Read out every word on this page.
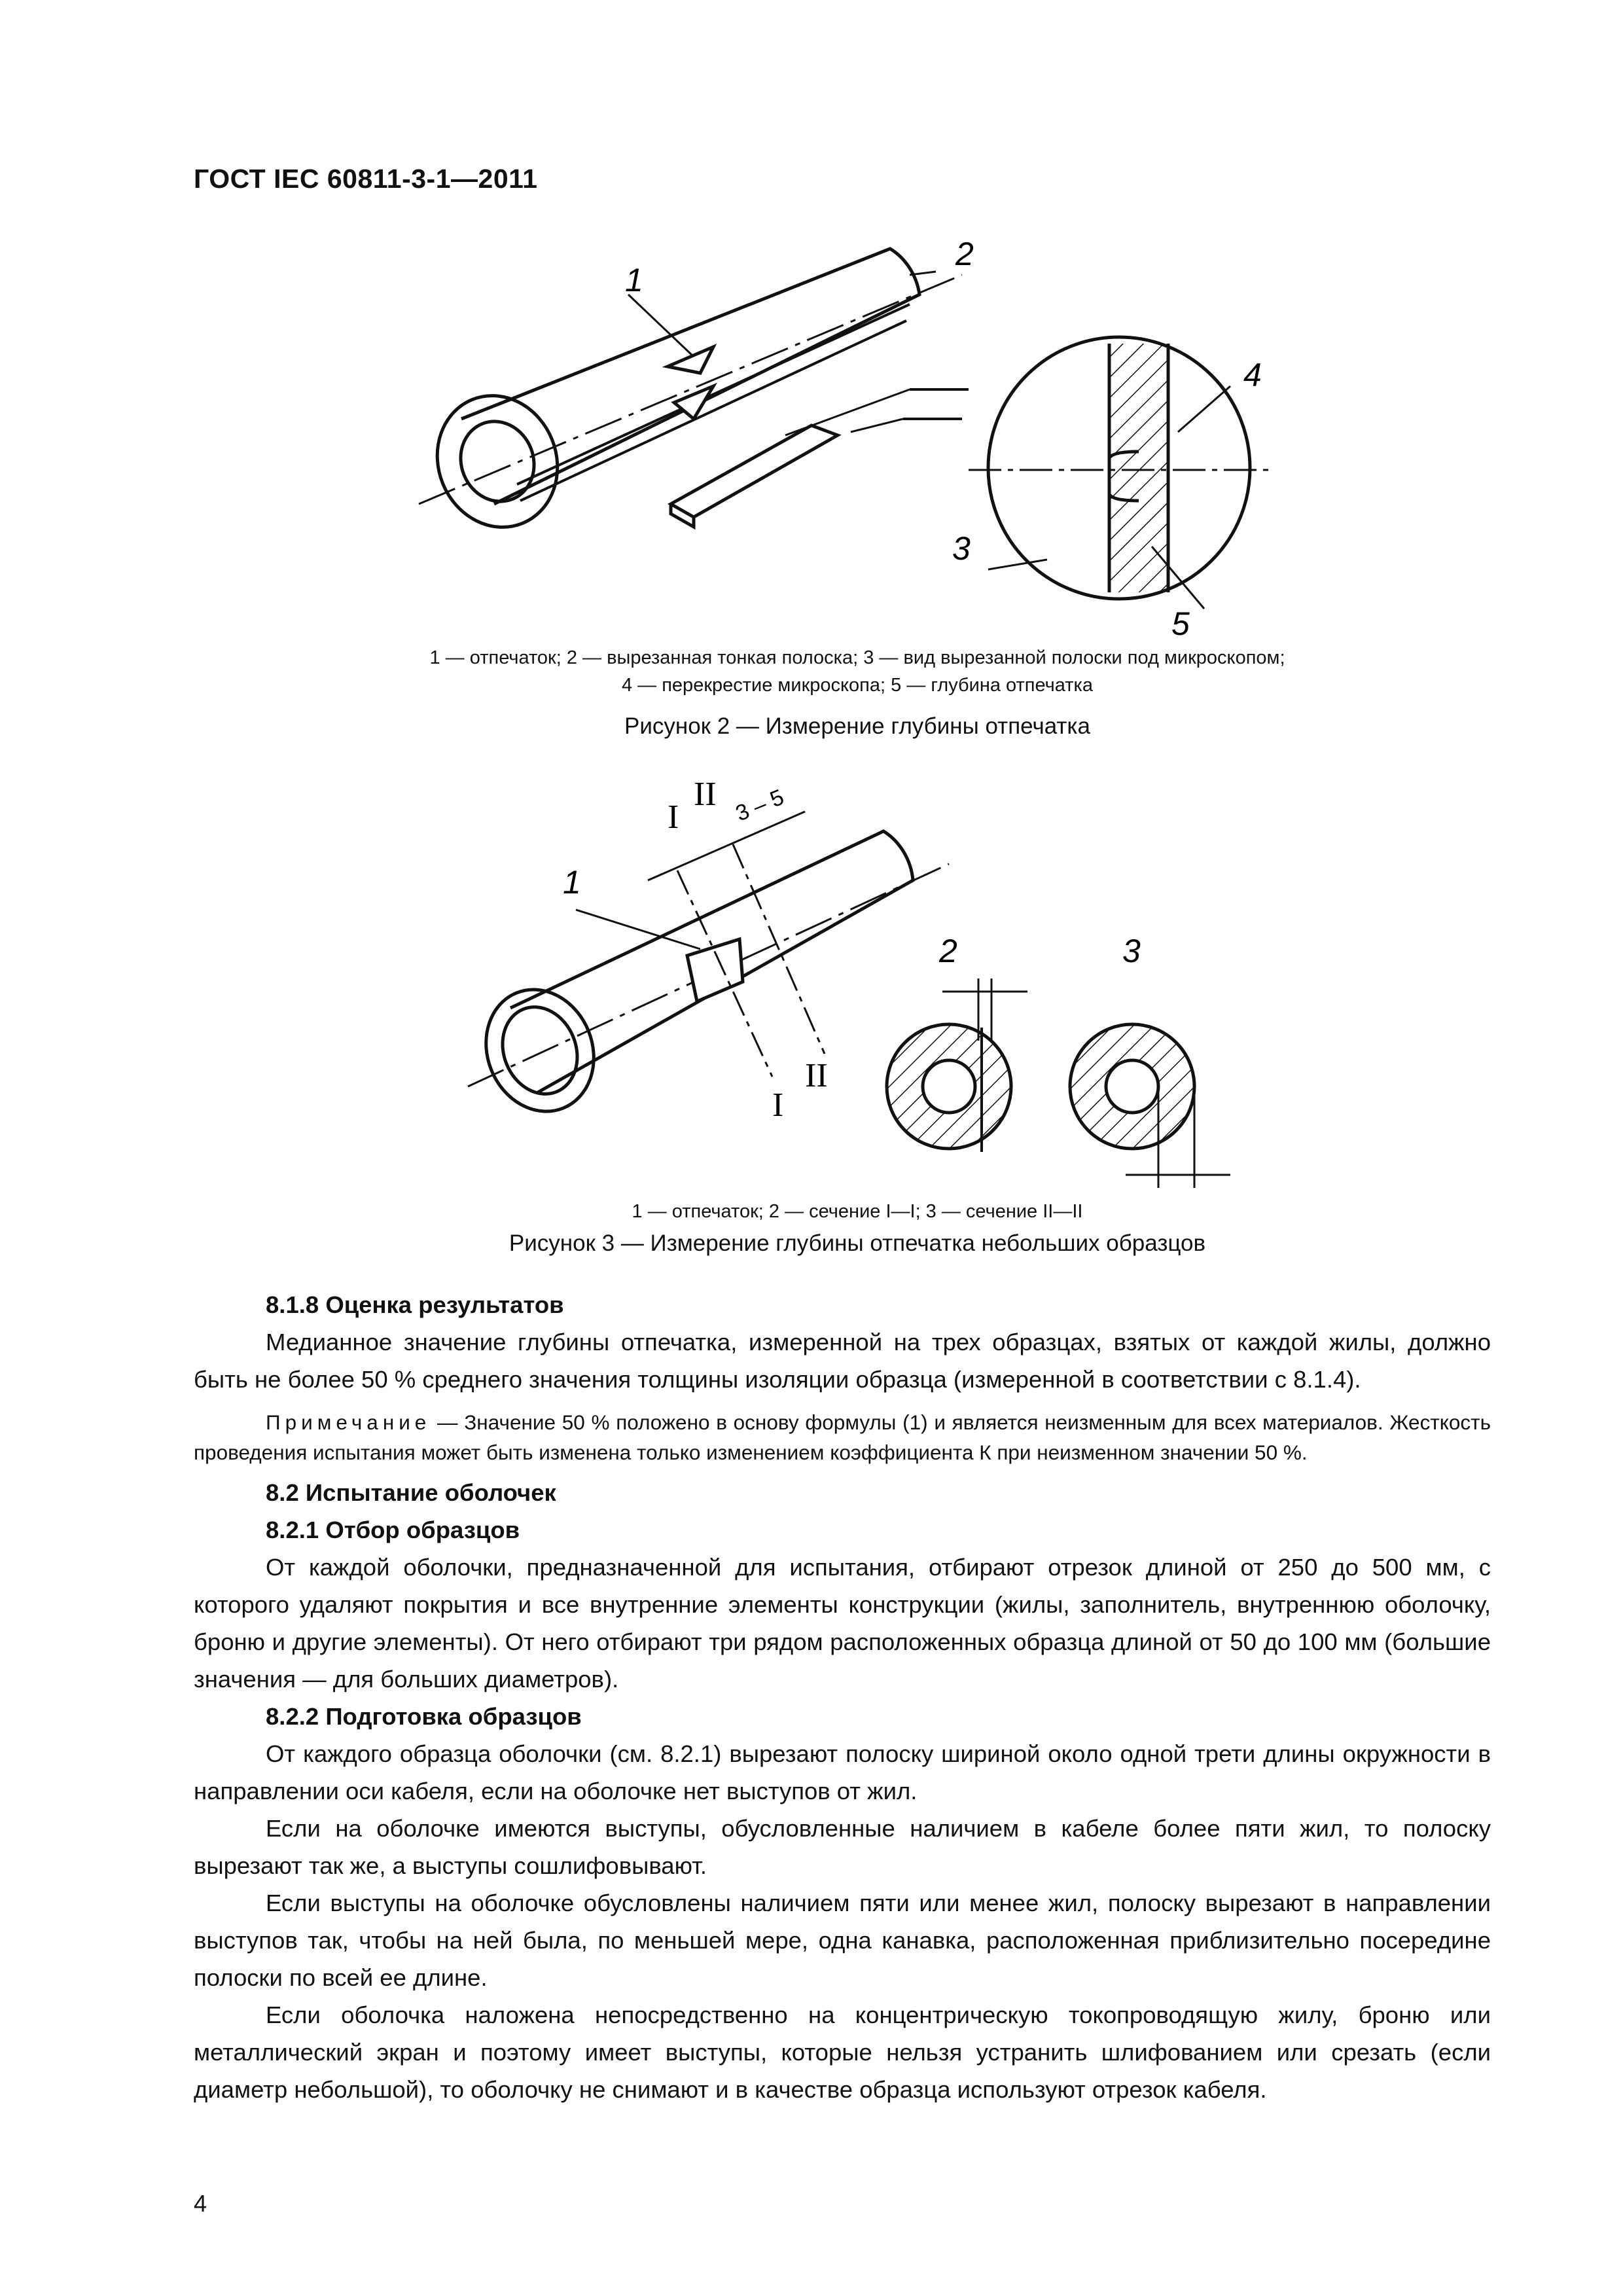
ГОСТ IEC 60811-3-1—2011
1
2
3
4
5
1 — отпечаток; 2 — вырезанная тонкая полоска; 3 — вид вырезанной полоски под микроскопом;
4 — перекрестие микроскопа; 5 — глубина отпечатка
Рисунок 2 — Измерение глубины отпечатка
I
II 3 – 5
1
I
II
2	3
1 — отпечаток; 2 — сечение I—I; 3 — сечение II—II
Рисунок 3 — Измерение глубины отпечатка небольших образцов

8.1.8 Оценка результатов

Медианное значение глубины отпечатка, измеренной на трех образцах, взятых от каждой жилы, должно быть не более 50 % среднего значения толщины изоляции образца (измеренной в соответствии с 8.1.4).

Примечание — Значение 50 % положено в основу формулы (1) и является неизменным для всех материалов. Жесткость проведения испытания может быть изменена только изменением коэффициента К при неизменном значении 50 %.

8.2 Испытание оболочек

8.2.1 Отбор образцов

От каждой оболочки, предназначенной для испытания, отбирают отрезок длиной от 250 до 500 мм, с которого удаляют покрытия и все внутренние элементы конструкции (жилы, заполнитель, внутреннюю оболочку, броню и другие элементы). От него отбирают три рядом расположенных образца длиной от 50 до 100 мм (большие значения — для больших диаметров).

8.2.2 Подготовка образцов

От каждого образца оболочки (см. 8.2.1) вырезают полоску шириной около одной трети длины окружности в направлении оси кабеля, если на оболочке нет выступов от жил.

Если на оболочке имеются выступы, обусловленные наличием в кабеле более пяти жил, то полоску вырезают так же, а выступы сошлифовывают.

Если выступы на оболочке обусловлены наличием пяти или менее жил, полоску вырезают в направлении выступов так, чтобы на ней была, по меньшей мере, одна канавка, расположенная приблизительно посередине полоски по всей ее длине.

Если оболочка наложена непосредственно на концентрическую токопроводящую жилу, броню или металлический экран и поэтому имеет выступы, которые нельзя устранить шлифованием или срезать (если диаметр небольшой), то оболочку не снимают и в качестве образца используют отрезок кабеля.

4
